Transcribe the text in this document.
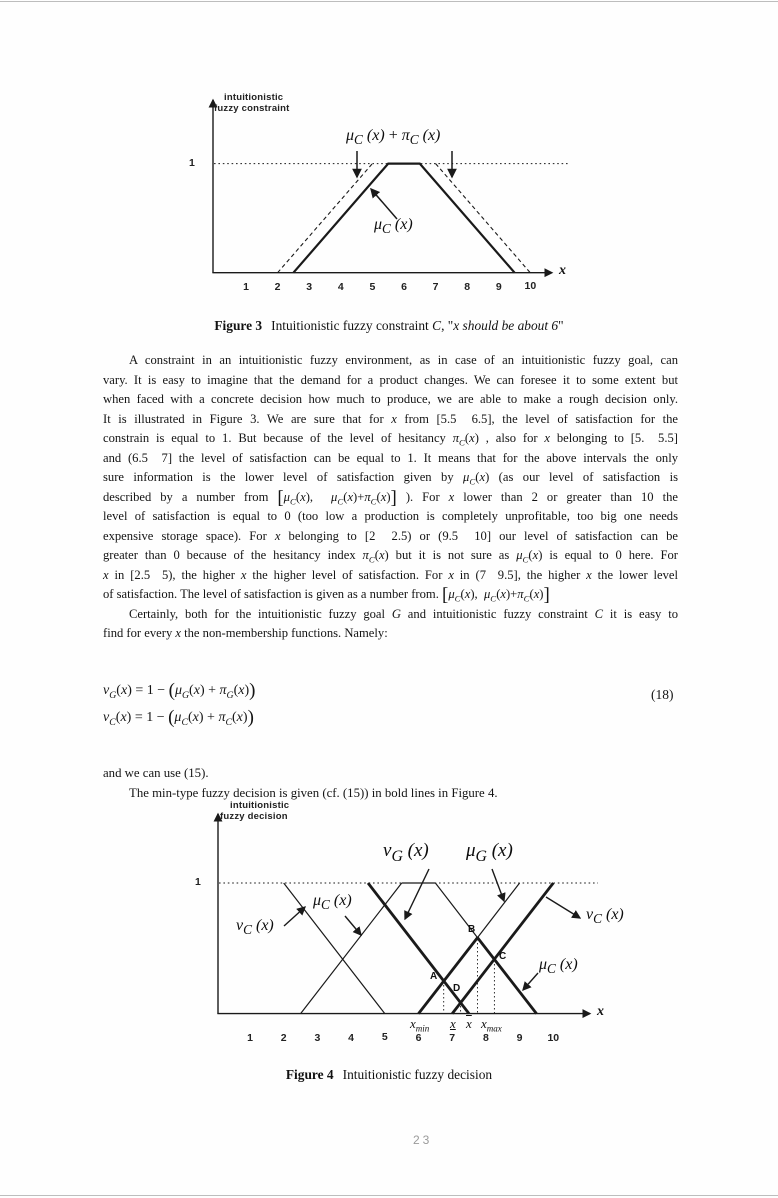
intuitionistic
fuzzy constraint
1
$\mu_C$ $(x) + \pi_C$ (x)
$\mu_C$ (x)
x
1 2 3 4 5 6 7 8 9 10
Figure 3 Intuitionistic fuzzy constraint C, "x should be about 6"
A constraint in an intuitionistic fuzzy environment, as in case of an intuitionistic fuzzy goal, can
vary. It is easy to imagine that the demand for a product changes. We can foresee it to some extent but
when faced with a concrete decision how much to produce, we are able to make a rough decision only.
It is illustrated in Figure 3. We are sure that for x from [5.5  6.5], the level of satisfaction for the
constrain is equal to 1. But because of the level of hesitancy $\pi_C(x)$ , also for x belonging to [5.  5.5]
and (6.5  7] the level of satisfaction can be equal to 1. It means that for the above intervals the only
sure information is the lower level of satisfaction given by $\mu_C(x)$ (as our level of satisfaction is
described by a number from [$\mu_C(x)$,  $\mu_C(x)+\pi_C(x)$] ). For x lower than 2 or greater than 10 the
level of satisfaction is equal to 0 (too low a production is completely unprofitable, too big one needs
expensive storage space). For x belonging to [2  2.5) or (9.5  10] our level of satisfaction can be
greater than 0 because of the hesitancy index $\pi_C(x)$ but it is not sure as $\mu_C(x)$ is equal to 0 here. For
x in [2.5  5), the higher x the higher level of satisfaction. For x in (7  9.5], the higher x the lower level
of satisfaction. The level of satisfaction is given as a number from. [$\mu_C(x)$,  $\mu_C(x)+\pi_C(x)$]
Certainly, both for the intuitionistic fuzzy goal G and intuitionistic fuzzy constraint C it is easy to
find for every x the non-membership functions. Namely:
$\nu_G(x) = 1 - (\mu_G(x) + \pi_G(x))$
$\nu_C(x) = 1 - (\mu_C(x) + \pi_C(x))$
(18)
and we can use (15).
The min-type fuzzy decision is given (cf. (15)) in bold lines in Figure 4.
intuitionistic
fuzzy decision
1
$\nu_G$ (x) $\mu_G$ (x)
$\mu_C$ (x)
$\nu_C$ (x)
$\nu_C$ (x)
$\mu_C$ (x)
A
B
C
D
$x_{min}$ x $\overline{x}$ $x_{max}$
x
1	2	3	4	5	6	7	8	9 10
Figure 4 Intuitionistic fuzzy decision
23
